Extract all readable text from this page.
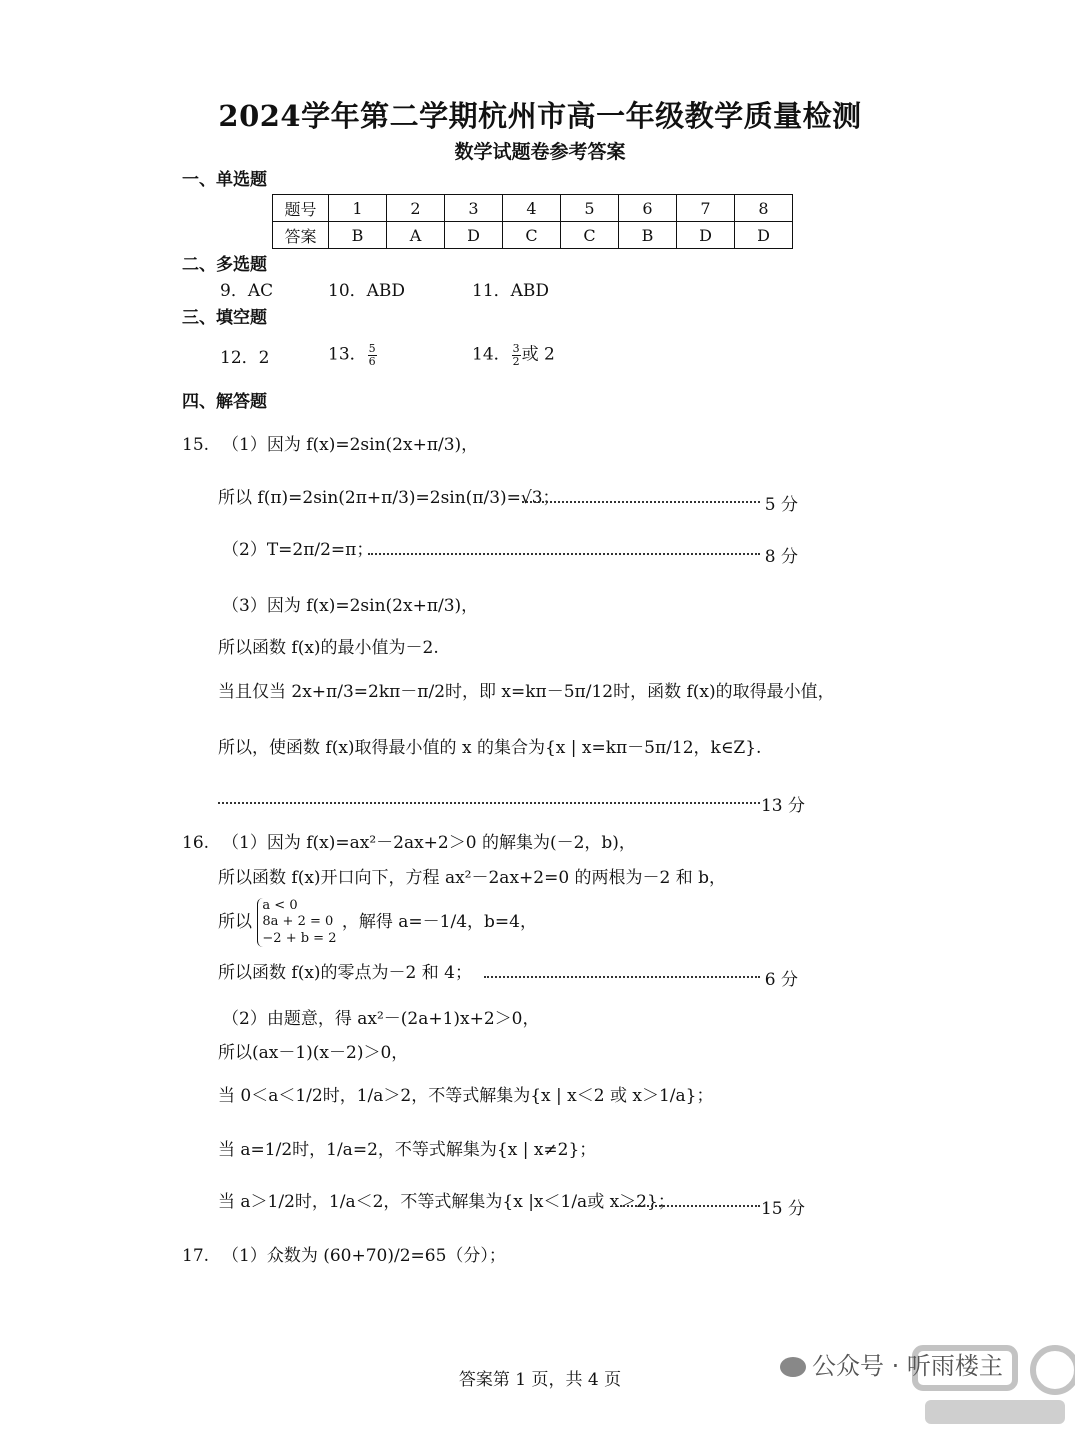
2024学年第二学期杭州市高一年级教学质量检测
数学试题卷参考答案
一、单选题
题号	1	2	3	4	5	6	7	8
答案	B	A	D	C	C	B	D	D
二、多选题
9．AC	10．ABD	11．ABD
三、填空题
12．2	13． $\frac{5}{6}$	14． $\frac{3}{2}$ 或 2
四、解答题
15. （1）因为 f(x)=2sin(2x+π/3)，
所以 f(π)=2sin(2π+π/3)=2sin(π/3)=√3；	5 分
（2）T=2π/2=π；	8 分
（3）因为 f(x)=2sin(2x+π/3)，
所以函数 f(x)的最小值为－2.
当且仅当 2x+π/3=2kπ－π/2时，即 x=kπ－5π/12时，函数 f(x)的取得最小值，
所以，使函数 f(x)取得最小值的 x 的集合为{x | x=kπ－5π/12，k∈Z}.
13 分
16. （1）因为 f(x)=ax²－2ax+2＞0 的解集为(－2，b)，
所以函数 f(x)开口向下，方程 ax²－2ax+2=0 的两根为－2 和 b，
所以
a < 0
8a + 2 = 0
−2 + b = 2
，解得 a=－1/4，b=4，
所以函数 f(x)的零点为－2 和 4；	6 分
（2）由题意，得 ax²－(2a+1)x+2＞0，
所以(ax－1)(x－2)＞0，
当 0＜a＜1/2时，1/a＞2，不等式解集为{x | x＜2 或 x＞1/a}；
当 a=1/2时，1/a=2，不等式解集为{x | x≠2}；
当 a＞1/2时，1/a＜2，不等式解集为{x |x＜1/a或 x＞2}；	15 分
17. （1）众数为 (60+70)/2=65（分）；
答案第 1 页，共 4 页	公众号 · 听雨楼主
